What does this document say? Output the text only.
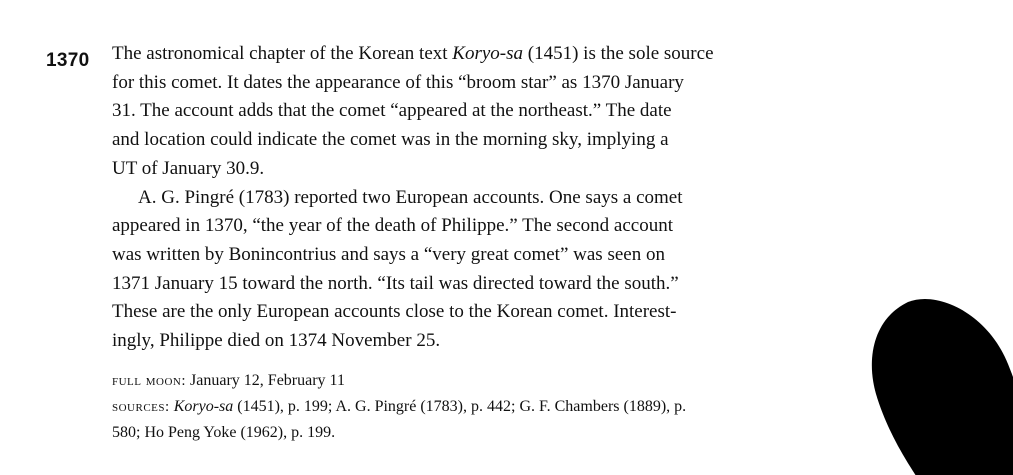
1370 The astronomical chapter of the Korean text Koryo-sa (1451) is the sole source
for this comet. It dates the appearance of this “broom star” as 1370 January
31. The account adds that the comet “appeared at the northeast.” The date
and location could indicate the comet was in the morning sky, implying a
UT of January 30.9.

A. G. Pingré (1783) reported two European accounts. One says a comet
appeared in 1370, “the year of the death of Philippe.” The second account
was written by Bonincontrius and says a “very great comet” was seen on
1371 January 15 toward the north. “Its tail was directed toward the south.”
These are the only European accounts close to the Korean comet. Interest-
ingly, Philippe died on 1374 November 25.

full moon: January 12, February 11
sources: Koryo-sa (1451), p. 199; A. G. Pingré (1783), p. 442; G. F. Chambers (1889), p.
580; Ho Peng Yoke (1962), p. 199.
